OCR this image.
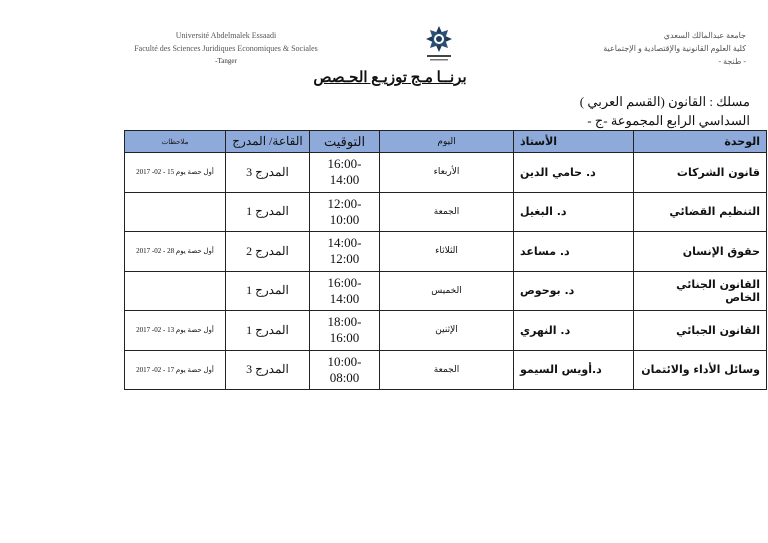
Université Abdelmalek Essaadi
Faculté des Sciences Juridiques Economiques & Sociales
-Tanger
جامعة عبدالمالك السعدي
كلية العلوم القانونية والإقتصادية و الإجتماعية
- طنجة -
برنــا مـج توزيـع الحـصص
مسلك : القانون (القسم العربي )
السداسي الرابع المجموعة -ج -
الوحدة	الأستاذ	اليوم	التوقيت	القاعة/ المدرج	ملاحظات
قانون الشركات	د. حامي الدين	الأربعاء	16:00-14:00	المدرج 3	أول حصة يوم 15 - 02- 2017
التنظيم القضائي	د. البغيل	الجمعة	12:00-10:00	المدرج 1	
حقوق الإنسان	د. مساعد	الثلاثاء	14:00-12:00	المدرج 2	أول حصة يوم 28 - 02- 2017
القانون الجنائي الخاص	د. بوحوص	الخميس	16:00-14:00	المدرج 1	
القانون الجبائي	د. النهري	الإثنين	18:00-16:00	المدرج 1	أول حصة يوم 13 - 02- 2017
وسائل الأداء والائتمان	د.أويس السيمو	الجمعة	10:00-08:00	المدرج 3	أول حصة يوم 17 - 02- 2017
